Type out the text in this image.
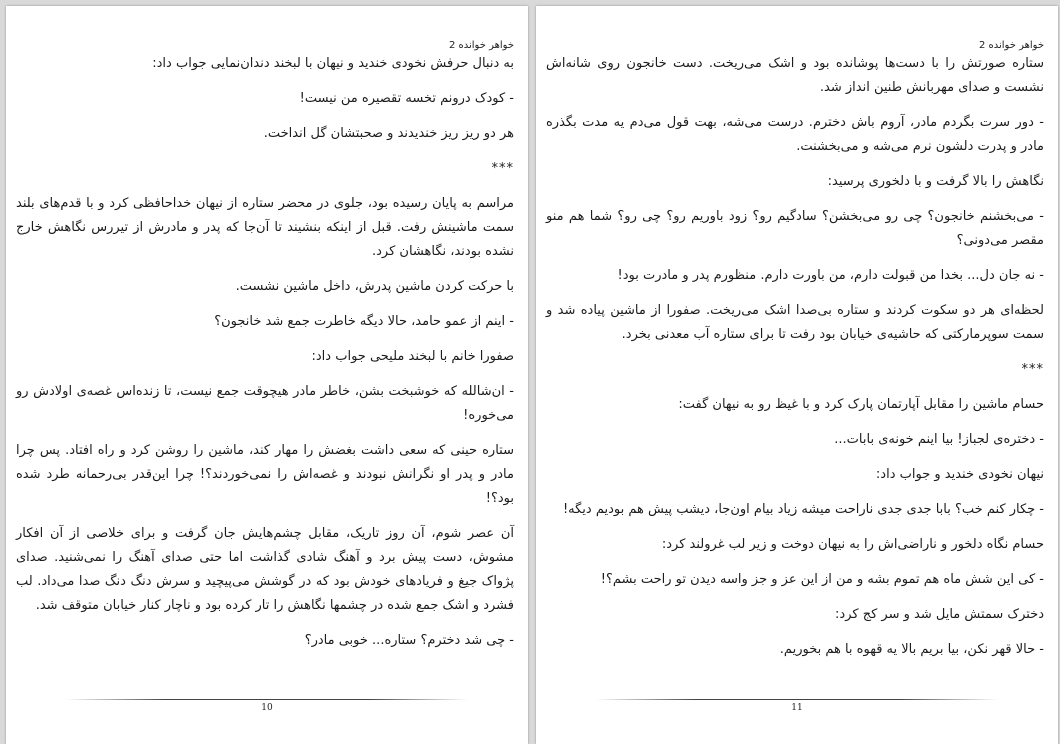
خواهر خوانده 2

به دنبال حرفش نخودی خندید و نیهان با لبخند دندان‌نمایی جواب داد:

- کودک درونم تخسه تقصیره من نیست!

هر دو ریز ریز خندیدند و صحبتشان گل انداخت.

***

مراسم به پایان رسیده بود، جلوی در محضر ستاره از نیهان خداحافظی کرد و با قدم‌های بلند سمت ماشینش رفت. قبل از اینکه بنشیند تا آن‌جا که پدر و مادرش از تیررس نگاهش خارج نشده بودند، نگاهشان کرد.

با حرکت کردن ماشین پدرش، داخل ماشین نشست.

- اینم از عمو حامد، حالا دیگه خاطرت جمع شد خانجون؟

صفورا خانم با لبخند ملیحی جواب داد:

- ان‌شالله که خوشبخت بشن، خاطر مادر هیچوقت جمع نیست، تا زنده‌اس غصه‌ی اولادش رو می‌خوره!

ستاره حینی که سعی داشت بغضش را مهار کند، ماشین را روشن کرد و راه افتاد. پس چرا مادر و پدر او نگرانش نبودند و غصه‌اش را نمی‌خوردند؟! چرا این‌قدر بی‌رحمانه طرد شده بود؟!

آن عصر شوم، آن روز تاریک، مقابل چشم‌هایش جان گرفت و برای خلاصی از آن افکار مشوش، دست پیش برد و آهنگ شادی گذاشت اما حتی صدای آهنگ را نمی‌شنید. صدای پژواک جیغ و فریادهای خودش بود که در گوشش می‌پیچید و سرش دنگ دنگ صدا می‌داد. لب فشرد و اشک جمع شده در چشمها نگاهش را تار کرده بود و ناچار کنار خیابان متوقف شد.

- چی شد دخترم؟ ستاره... خوبی مادر؟

10
خواهر خوانده 2

ستاره صورتش را با دست‌ها پوشانده بود و اشک می‌ریخت. دست خانجون روی شانه‌اش نشست و صدای مهربانش طنین انداز شد.

- دور سرت بگردم مادر، آروم باش دخترم. درست می‌شه، بهت قول می‌دم یه مدت بگذره مادر و پدرت دلشون نرم می‌شه و می‌بخشنت.

نگاهش را بالا گرفت و با دلخوری پرسید:

- می‌بخشنم خانجون؟ چی رو می‌بخشن؟ سادگیم رو؟ زود باوریم رو؟ چی رو؟ شما هم منو مقصر می‌دونی؟

- نه جان دل... بخدا من قبولت دارم، من باورت دارم. منظورم پدر و مادرت بود!

لحظه‌ای هر دو سکوت کردند و ستاره بی‌صدا اشک می‌ریخت. صفورا از ماشین پیاده شد و سمت سوپرمارکتی که حاشیه‌ی خیابان بود رفت تا برای ستاره آب معدنی بخرد.

***

حسام ماشین را مقابل آپارتمان پارک کرد و با غیظ رو به نیهان گفت:

- دختره‌ی لجباز! بیا اینم خونه‌ی بابات...

نیهان نخودی خندید و جواب داد:

- چکار کنم خب؟ بابا جدی جدی ناراحت میشه زیاد بیام اون‌جا، دیشب پیش هم بودیم دیگه!

حسام نگاه دلخور و ناراضی‌اش را به نیهان دوخت و زیر لب غرولند کرد:

- کی این شش ماه هم تموم بشه و من از این عز و جز واسه دیدن تو راحت بشم؟!

دخترک سمتش مایل شد و سر کج کرد:

- حالا قهر نکن، بیا بریم بالا یه قهوه با هم بخوریم.

11
